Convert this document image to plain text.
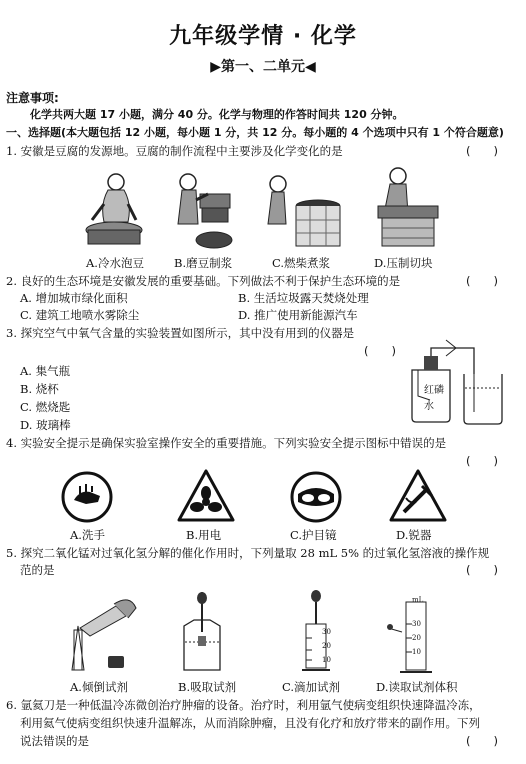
九年级学情 · 化学
▶第一、二单元◀
注意事项:
化学共两大题 17 小题，满分 40 分。化学与物理的作答时间共 120 分钟。
一、选择题(本大题包括 12 小题，每小题 1 分，共 12 分。每小题的 4 个选项中只有 1 个符合题意)
1. 安徽是豆腐的发源地。豆腐的制作流程中主要涉及化学变化的是	(　　)
A.冷水泡豆	B.磨豆制浆	C.燃柴煮浆	D.压制切块
2. 良好的生态环境是安徽发展的重要基础。下列做法不利于保护生态环境的是	(　　)
A. 增加城市绿化面积	B. 生活垃圾露天焚烧处理
C. 建筑工地喷水雾除尘	D. 推广使用新能源汽车
3. 探究空气中氧气含量的实验装置如图所示，其中没有用到的仪器是
(　　)
A. 集气瓶
B. 烧杯
C. 燃烧匙
D. 玻璃棒
红磷
水
4. 实验安全提示是确保实验室操作安全的重要措施。下列实验安全提示图标中错误的是
(　　)
A.洗手	B.用电	C.护目镜	D.锐器
5. 探究二氧化锰对过氧化氢分解的催化作用时，下列量取 28 mL 5% 的过氧化氢溶液的操作规
范的是	(　　)
30
20
10
mL
30
20
10
A.倾倒试剂	B.吸取试剂	C.滴加试剂	D.读取试剂体积
6. 氩氦刀是一种低温冷冻微创治疗肿瘤的设备。治疗时，利用氩气使病变组织快速降温冷冻，
利用氦气使病变组织快速升温解冻，从而消除肿瘤，且没有化疗和放疗带来的副作用。下列
说法错误的是	(　　)
